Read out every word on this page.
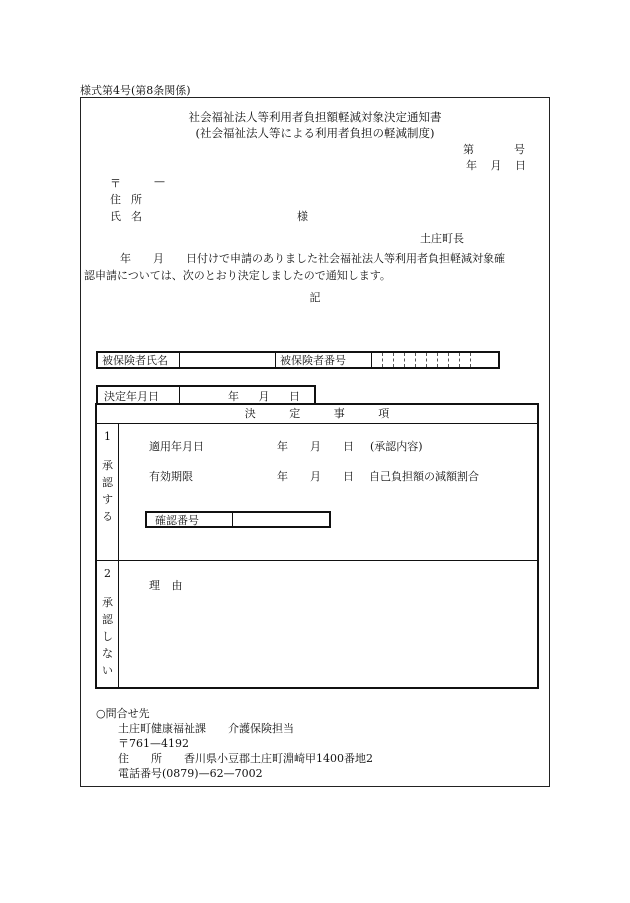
様式第4号(第8条関係)
社会福祉法人等利用者負担額軽減対象決定通知書
(社会福祉法人等による利用者負担の軽減制度)
第	号
年 月 日
〒	—
住所
氏名	様
土庄町長
年　　月　　日付けで申請のありました社会福祉法人等利用者負担軽減対象確
認申請については、次のとおり決定しましたので通知します。
記
被保険者氏名	被保険者番号
決定年月日	年 月 日
決 定 事 項
1
承
認
す
る
適用年月日	年　　月　　日 (承認内容)
有効期限	年　　月　　日 自己負担額の減額割合
確認番号
2
承
認
し
な
い
理 由
○問合せ先
土庄町健康福祉課　　介護保険担当
〒761—4192
住　　所　　香川県小豆郡土庄町淵崎甲1400番地2
電話番号(0879)—62—7002
